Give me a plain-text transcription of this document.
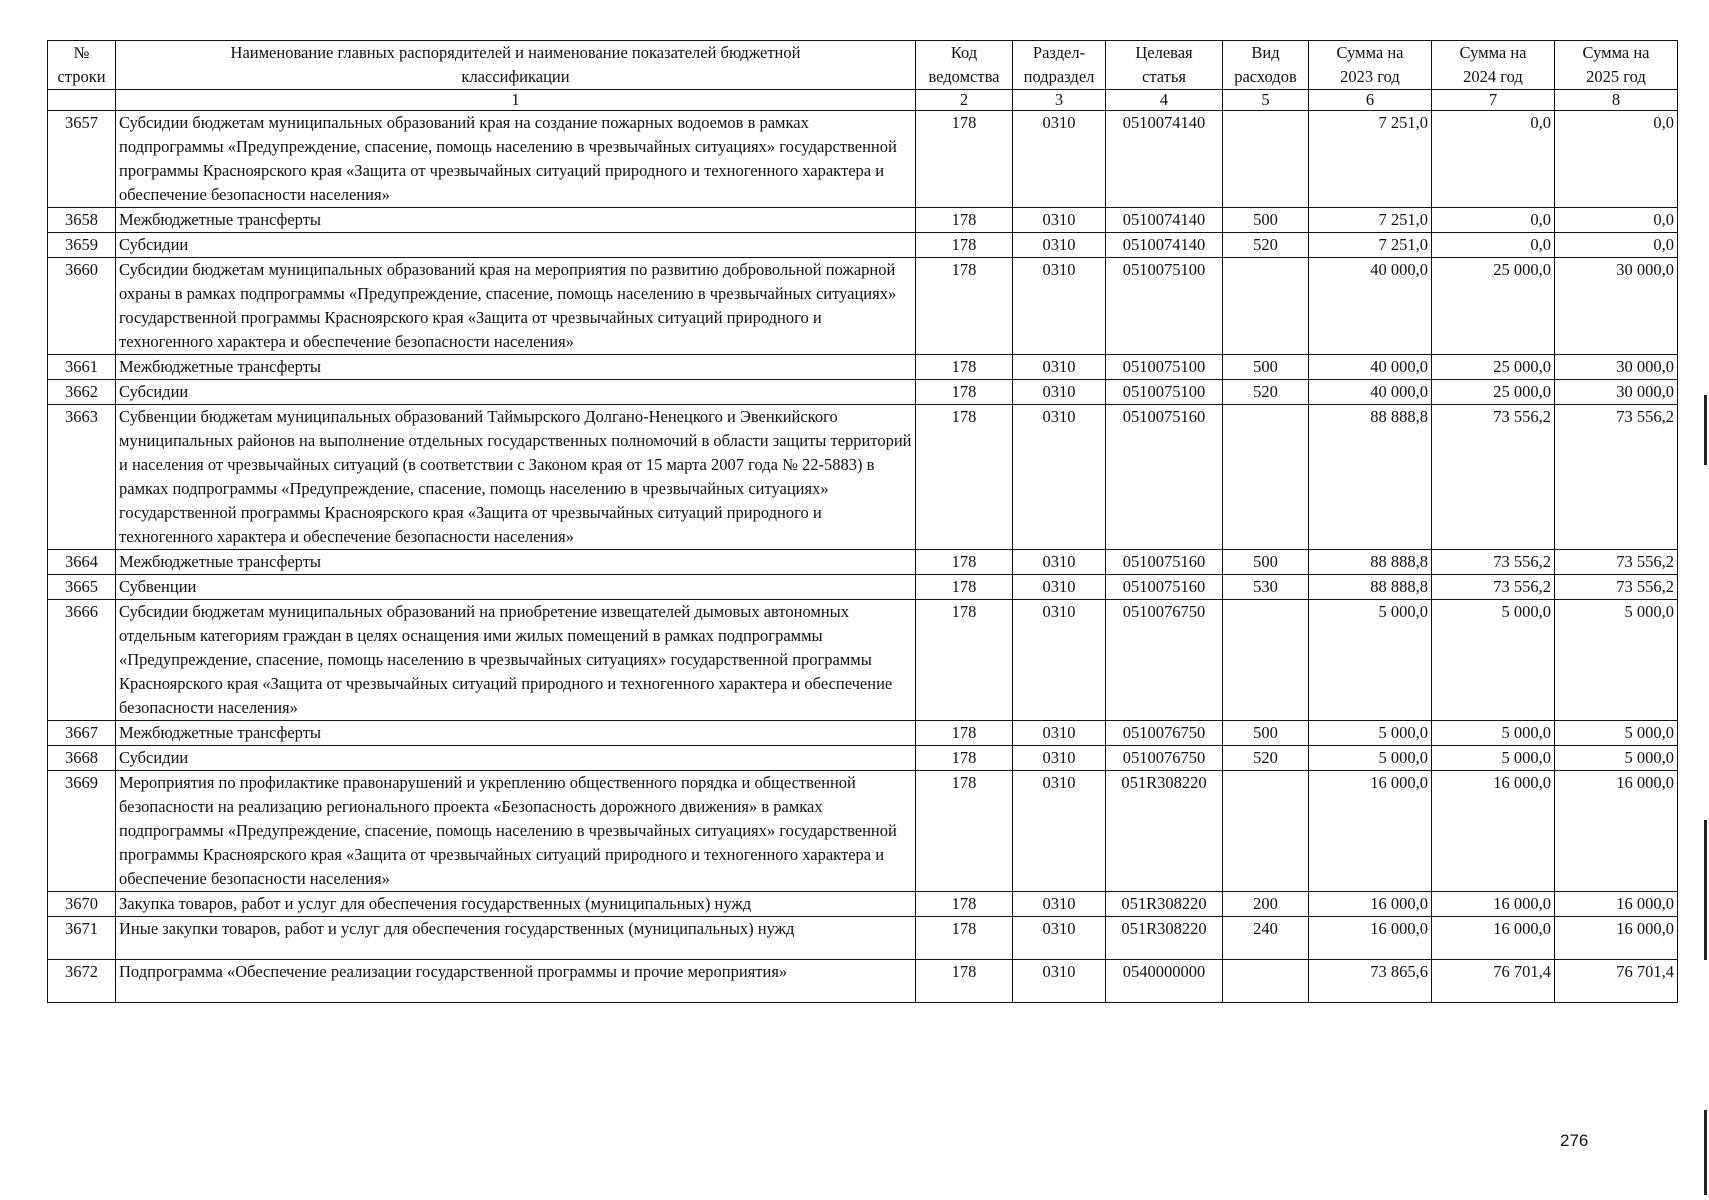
№ строки	Наименование главных распорядителей и наименование показателей бюджетной классификации	Код ведомства	Раздел-подраздел	Целевая статья	Вид расходов	Сумма на 2023 год	Сумма на 2024 год	Сумма на 2025 год
	1	2	3	4	5	6	7	8
3657	Субсидии бюджетам муниципальных образований края на создание пожарных водоемов в рамках подпрограммы «Предупреждение, спасение, помощь населению в чрезвычайных ситуациях» государственной программы Красноярского края «Защита от чрезвычайных ситуаций природного и техногенного характера и обеспечение безопасности населения»	178	0310	0510074140		7 251,0	0,0	0,0
3658	Межбюджетные трансферты	178	0310	0510074140	500	7 251,0	0,0	0,0
3659	Субсидии	178	0310	0510074140	520	7 251,0	0,0	0,0
3660	Субсидии бюджетам муниципальных образований края на мероприятия по развитию добровольной пожарной охраны в рамках подпрограммы «Предупреждение, спасение, помощь населению в чрезвычайных ситуациях» государственной программы Красноярского края «Защита от чрезвычайных ситуаций природного и техногенного характера и обеспечение безопасности населения»	178	0310	0510075100		40 000,0	25 000,0	30 000,0
3661	Межбюджетные трансферты	178	0310	0510075100	500	40 000,0	25 000,0	30 000,0
3662	Субсидии	178	0310	0510075100	520	40 000,0	25 000,0	30 000,0
3663	Субвенции бюджетам муниципальных образований Таймырского Долгано-Ненецкого и Эвенкийского муниципальных районов на выполнение отдельных государственных полномочий в области защиты территорий и населения от чрезвычайных ситуаций (в соответствии с Законом края от 15 марта 2007 года № 22-5883) в рамках подпрограммы «Предупреждение, спасение, помощь населению в чрезвычайных ситуациях» государственной программы Красноярского края «Защита от чрезвычайных ситуаций природного и техногенного характера и обеспечение безопасности населения»	178	0310	0510075160		88 888,8	73 556,2	73 556,2
3664	Межбюджетные трансферты	178	0310	0510075160	500	88 888,8	73 556,2	73 556,2
3665	Субвенции	178	0310	0510075160	530	88 888,8	73 556,2	73 556,2
3666	Субсидии бюджетам муниципальных образований на приобретение извещателей дымовых автономных отдельным категориям граждан в целях оснащения ими жилых помещений в рамках подпрограммы «Предупреждение, спасение, помощь населению в чрезвычайных ситуациях» государственной программы Красноярского края «Защита от чрезвычайных ситуаций природного и техногенного характера и обеспечение безопасности населения»	178	0310	0510076750		5 000,0	5 000,0	5 000,0
3667	Межбюджетные трансферты	178	0310	0510076750	500	5 000,0	5 000,0	5 000,0
3668	Субсидии	178	0310	0510076750	520	5 000,0	5 000,0	5 000,0
3669	Мероприятия по профилактике правонарушений и укреплению общественного порядка и общественной безопасности на реализацию регионального проекта «Безопасность дорожного движения» в рамках подпрограммы «Предупреждение, спасение, помощь населению в чрезвычайных ситуациях» государственной программы Красноярского края «Защита от чрезвычайных ситуаций природного и техногенного характера и обеспечение безопасности населения»	178	0310	051R308220		16 000,0	16 000,0	16 000,0
3670	Закупка товаров, работ и услуг для обеспечения государственных (муниципальных) нужд	178	0310	051R308220	200	16 000,0	16 000,0	16 000,0
3671	Иные закупки товаров, работ и услуг для обеспечения государственных (муниципальных) нужд	178	0310	051R308220	240	16 000,0	16 000,0	16 000,0
3672	Подпрограмма «Обеспечение реализации государственной программы и прочие мероприятия»	178	0310	0540000000		73 865,6	76 701,4	76 701,4
276
